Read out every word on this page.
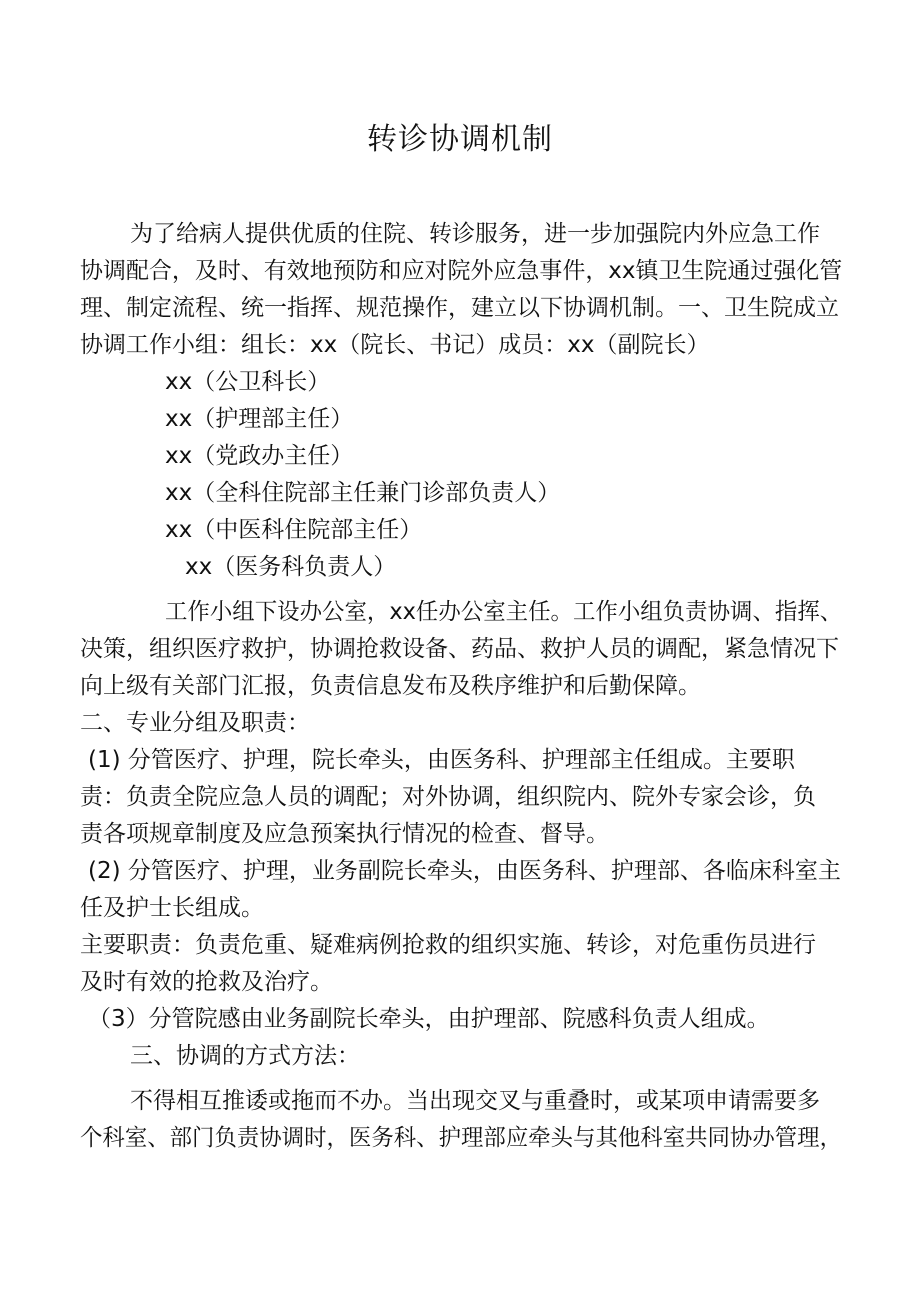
转诊协调机制
为了给病人提供优质的住院、转诊服务，进一步加强院内外应急工作
协调配合，及时、有效地预防和应对院外应急事件，xx镇卫生院通过强化管
理、制定流程、统一指挥、规范操作，建立以下协调机制。一、卫生院成立
协调工作小组：组长：xx（院长、书记）成员：xx（副院长）
xx（公卫科长）
xx（护理部主任）
xx（党政办主任）
xx（全科住院部主任兼门诊部负责人）
xx（中医科住院部主任）
xx（医务科负责人）
工作小组下设办公室，xx任办公室主任。工作小组负责协调、指挥、
决策，组织医疗救护，协调抢救设备、药品、救护人员的调配，紧急情况下
向上级有关部门汇报，负责信息发布及秩序维护和后勤保障。
二、专业分组及职责：
(1) 分管医疗、护理，院长牵头，由医务科、护理部主任组成。主要职
责：负责全院应急人员的调配；对外协调，组织院内、院外专家会诊，负
责各项规章制度及应急预案执行情况的检查、督导。
(2) 分管医疗、护理，业务副院长牵头，由医务科、护理部、各临床科室主
任及护士长组成。
主要职责：负责危重、疑难病例抢救的组织实施、转诊，对危重伤员进行
及时有效的抢救及治疗。
（3）分管院感由业务副院长牵头，由护理部、院感科负责人组成。
三、协调的方式方法：
不得相互推诿或拖而不办。当出现交叉与重叠时，或某项申请需要多
个科室、部门负责协调时，医务科、护理部应牵头与其他科室共同协办管理，
